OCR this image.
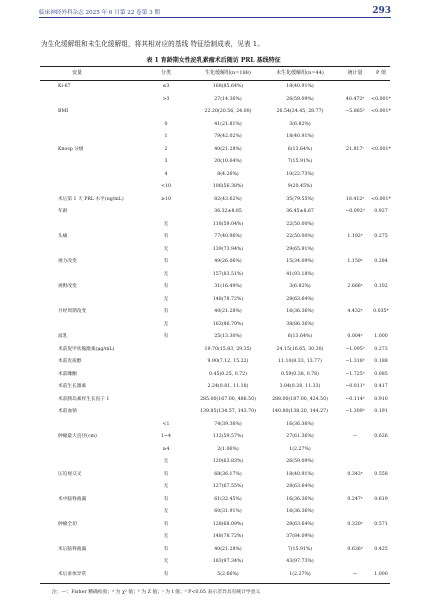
临床神经外科杂志 2025 年 6 月第 22 卷第 3 期	293
为生化缓解组和未生化缓解组，将其相对应的基线 特征绘制成表，见表 1。
表 1 育龄期女性泌乳素瘤术后随访 PRL 基线特征
变量	分类	生化缓解组(n=188)	未生化缓解组(n=44)	统计量	P 值
Ki-67	≤3	168(85.64%)	18(40.91%)
>3	27(14.36%)	26(59.09%)	40.472ᵃ	<0.001*
BMI	22.20(20.56, 24.00)	26.54(24.45, 28.77)	−5.865ᵇ	<0.001*
0	41(21.81%)	3(6.82%)
1	79(42.02%)	18(40.91%)
Knosp 分级	2	40(21.28%)	6(13.64%)	21.817ᶜ	<0.001*
3	20(10.64%)	7(15.91%)
4	8(4.26%)	10(22.73%)
<10	106(56.38%)	9(20.45%)
术后第 1 天 PRL 水平(ng/mL)	≥10	82(43.62%)	35(79.55%)	18.412ᵃ	<0.001*
年龄	36.32±8.85	36.45±8.67	−0.092ᵈ	0.927
无	118(59.04%)	22(50.00%)
头痛	有	77(40.96%)	22(50.00%)	1.192ᵃ	0.275
无	139(73.94%)	29(65.91%)
视力改变	有	49(26.06%)	15(34.09%)	1.150ᵃ	0.284
无	157(83.51%)	41(93.18%)
视野改变	有	31(16.49%)	3(6.82%)	2.666ᵃ	0.102
无	148(78.72%)	28(63.64%)
月经周期改变	有	40(21.28%)	16(36.36%)	4.432ᵃ	0.035*
无	163(86.70%)	38(86.36%)
溢乳	有	25(13.30%)	6(13.64%)	0.004ᵃ	1.000
术前促甲状腺激素(μg/mL)	19.70(15.83, 29.35)	24.15(16.65, 30.30)	−1.095ᵇ	0.273
术前皮质醇	9.90(7.12, 15.22)	11.10(8.33, 13.77)	−1.318ᵇ	0.188
术前雌酮	0.45(0.25, 0.72)	0.59(0.38, 0.78)	−1.725ᵇ	0.085
术前生长激素	2.24(0.81, 11.18)	3.04(0.28, 11.33)	−0.011ᵇ	0.417
术前胰岛素样生长因子 1	285.00(167.00, 486.50)	288.00(187.00, 424.50)	−0.114ᵇ	0.910
术前血钠	139.85(134.57, 143.70)	140.80(138.20, 144.27)	−1.309ᵇ	0.191
<1	74(39.36%)	16(36.36%)
肿瘤最大直径(cm)	1~4	112(59.57%)	27(61.36%)	—	0.626
≥4	2(1.06%)	1(2.27%)
无	120(63.83%)	26(59.09%)
压迫视交叉	有	68(36.17%)	18(40.91%)	0.343ᵃ	0.558
无	127(67.55%)	28(63.64%)
术中脑脊液漏	有	61(32.45%)	16(36.36%)	0.247ᵃ	0.619
无	60(31.91%)	16(36.36%)
肿瘤全切	有	128(68.09%)	28(63.64%)	0.320ᵃ	0.571
无	148(78.72%)	37(84.09%)
术后脑脊液漏	有	40(21.28%)	7(15.91%)	0.636ᵃ	0.425
无	183(97.34%)	43(97.73%)
术后垂体异常	有	5(2.66%)	1(2.27%)	—	1.000
注：—：Fisher 精确检验；ᵃ 为 χ² 值；ᵇ 为 Z 值；ᶜ 为 t 值；ᵈ P<0.05 表示差异具有统计学意义
